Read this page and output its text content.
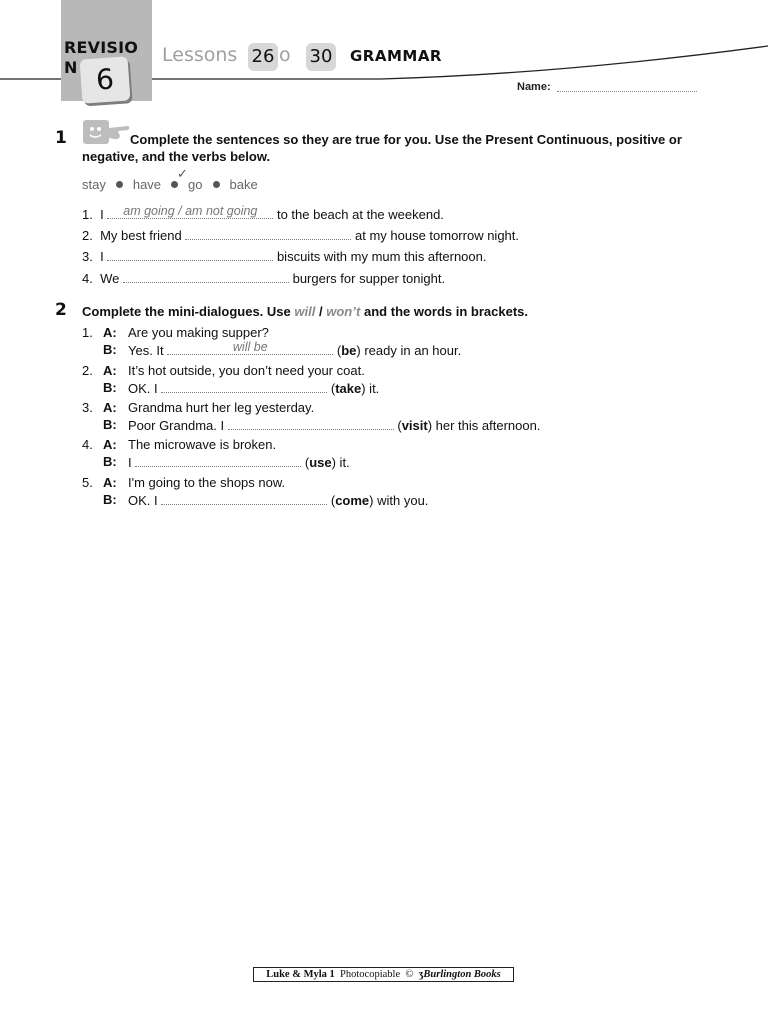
REVISION 6
Lessons 26 o 30 GRAMMAR
Name:
1	Complete the sentences so they are true for you. Use the Present Continuous, positive or negative, and the verbs below.
stay have go bake
✓
1. I	am going / am not going	to the beach at the weekend.
2. My best friend	at my house tomorrow night.
3. I	biscuits with my mum this afternoon.
4. We	burgers for supper tonight.
2 Complete the mini-dialogues. Use will / won’t and the words in brackets.
1. A: Are you making supper?
B: Yes. It	will be	(be) ready in an hour.
2. A: It’s hot outside, you don’t need your coat.
B: OK. I	(take) it.
3. A: Grandma hurt her leg yesterday.
B: Poor Grandma. I	(visit) her this afternoon.
4. A: The microwave is broken.
B: I	(use) it.
5. A: I'm going to the shops now.
B: OK. I	(come) with you.
Luke & Myla 1 Photocopiable © ʒBurlington Books
